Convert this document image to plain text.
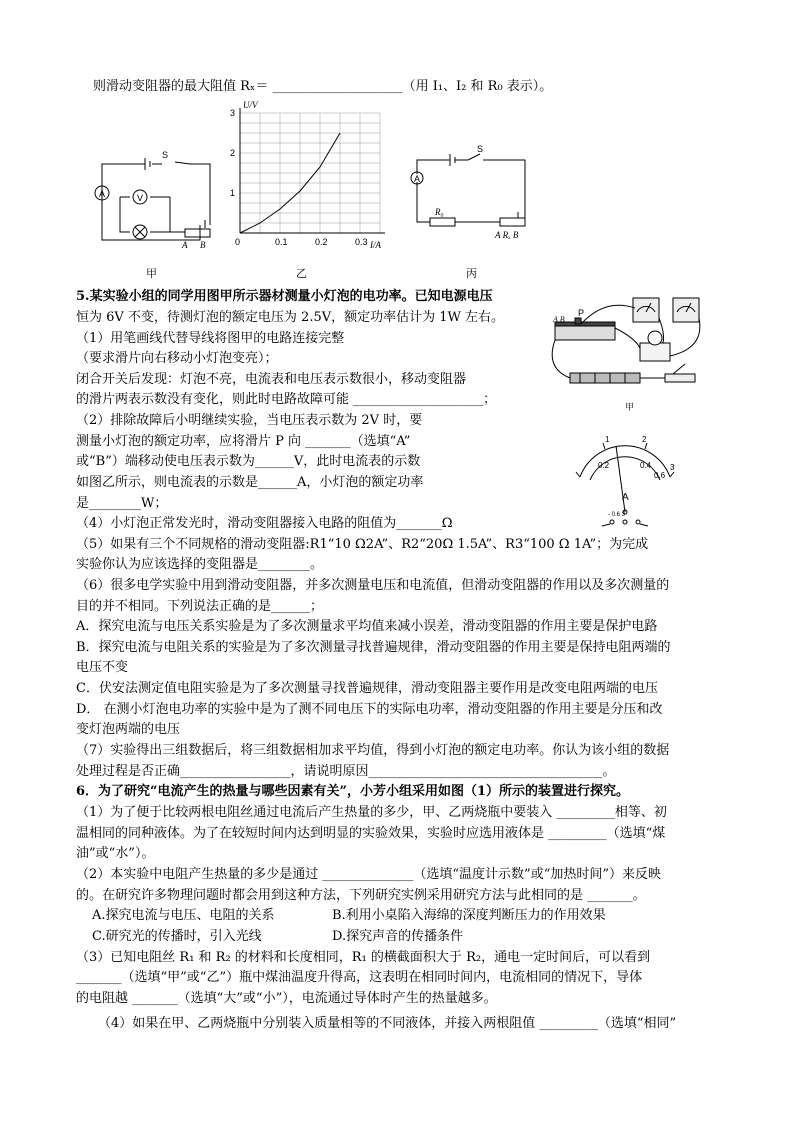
则滑动变阻器的最大阻值 Rₓ＝ ____________________（用 I₁、I₂ 和 R₀ 表示）。
A	V
S
A B
甲
U/V
I/A
3
2
1
0	0.1	0.2	0.3
乙
A
S
R₀
A Rₓ B
丙
P
A B
甲
1	2
3
0.2	0.4
0.6
A
- 0.6 3
5.某实验小组的同学用图甲所示器材测量小灯泡的电功率。已知电源电压
恒为 6V 不变，待测灯泡的额定电压为 2.5V，额定功率估计为 1W 左右。
（1）用笔画线代替导线将图甲的电路连接完整
（要求滑片向右移动小灯泡变亮）；
闭合开关后发现：灯泡不亮，电流表和电压表示数很小，移动变阻器
的滑片两表示数没有变化，则此时电路故障可能 ____________________；
（2）排除故障后小明继续实验，当电压表示数为 2V 时，要
测量小灯泡的额定功率，应将滑片 P 向 _______（选填“A”
或“B”）端移动使电压表示数为______V，此时电流表的示数
如图乙所示，则电流表的示数是______A，小灯泡的额定功率
是________W；
（4）小灯泡正常发光时，滑动变阻器接入电路的阻值为_______Ω
（5）如果有三个不同规格的滑动变阻器:R1“10 Ω2A”、R2“20Ω 1.5A”、R3“100 Ω 1A”；为完成
实验你认为应该选择的变阻器是________。
（6）很多电学实验中用到滑动变阻器，并多次测量电压和电流值，但滑动变阻器的作用以及多次测量的
目的并不相同。下列说法正确的是______；
A．探究电流与电压关系实验是为了多次测量求平均值来减小误差，滑动变阻器的作用主要是保护电路
B．探究电流与电阻关系的实验是为了多次测量寻找普遍规律，滑动变阻器的作用主要是保持电阻两端的
电压不变
C．伏安法测定值电阻实验是为了多次测量寻找普遍规律，滑动变阻器主要作用是改变电阻两端的电压
D． 在测小灯泡电功率的实验中是为了测不同电压下的实际电功率，滑动变阻器的作用主要是分压和改
变灯泡两端的电压
（7）实验得出三组数据后，将三组数据相加求平均值，得到小灯泡的额定电功率。你认为该小组的数据
处理过程是否正确_________________，请说明原因____________________________________。
6．为了研究“电流产生的热量与哪些因素有关”，小芳小组采用如图（1）所示的装置进行探究。
（1）为了便于比较两根电阻丝通过电流后产生热量的多少，甲、乙两烧瓶中要装入 _________相等、初
温相同的同种液体。为了在较短时间内达到明显的实验效果，实验时应选用液体是 _________（选填“煤
油”或“水”）。
（2）本实验中电阻产生热量的多少是通过 ______________（选填“温度计示数”或“加热时间”）来反映
的。在研究许多物理问题时都会用到这种方法，下列研究实例采用研究方法与此相同的是 _______。
A.探究电流与电压、电阻的关系	B.利用小桌陷入海绵的深度判断压力的作用效果
C.研究光的传播时，引入光线	D.探究声音的传播条件
（3）已知电阻丝 R₁ 和 R₂ 的材料和长度相同，R₁ 的横截面积大于 R₂，通电一定时间后，可以看到
_______（选填“甲”或“乙”）瓶中煤油温度升得高，这表明在相同时间内，电流相同的情况下，导体
的电阻越 _______（选填“大”或“小”），电流通过导体时产生的热量越多。
（4）如果在甲、乙两烧瓶中分别装入质量相等的不同液体，并接入两根阻值 _________（选填“相同”
